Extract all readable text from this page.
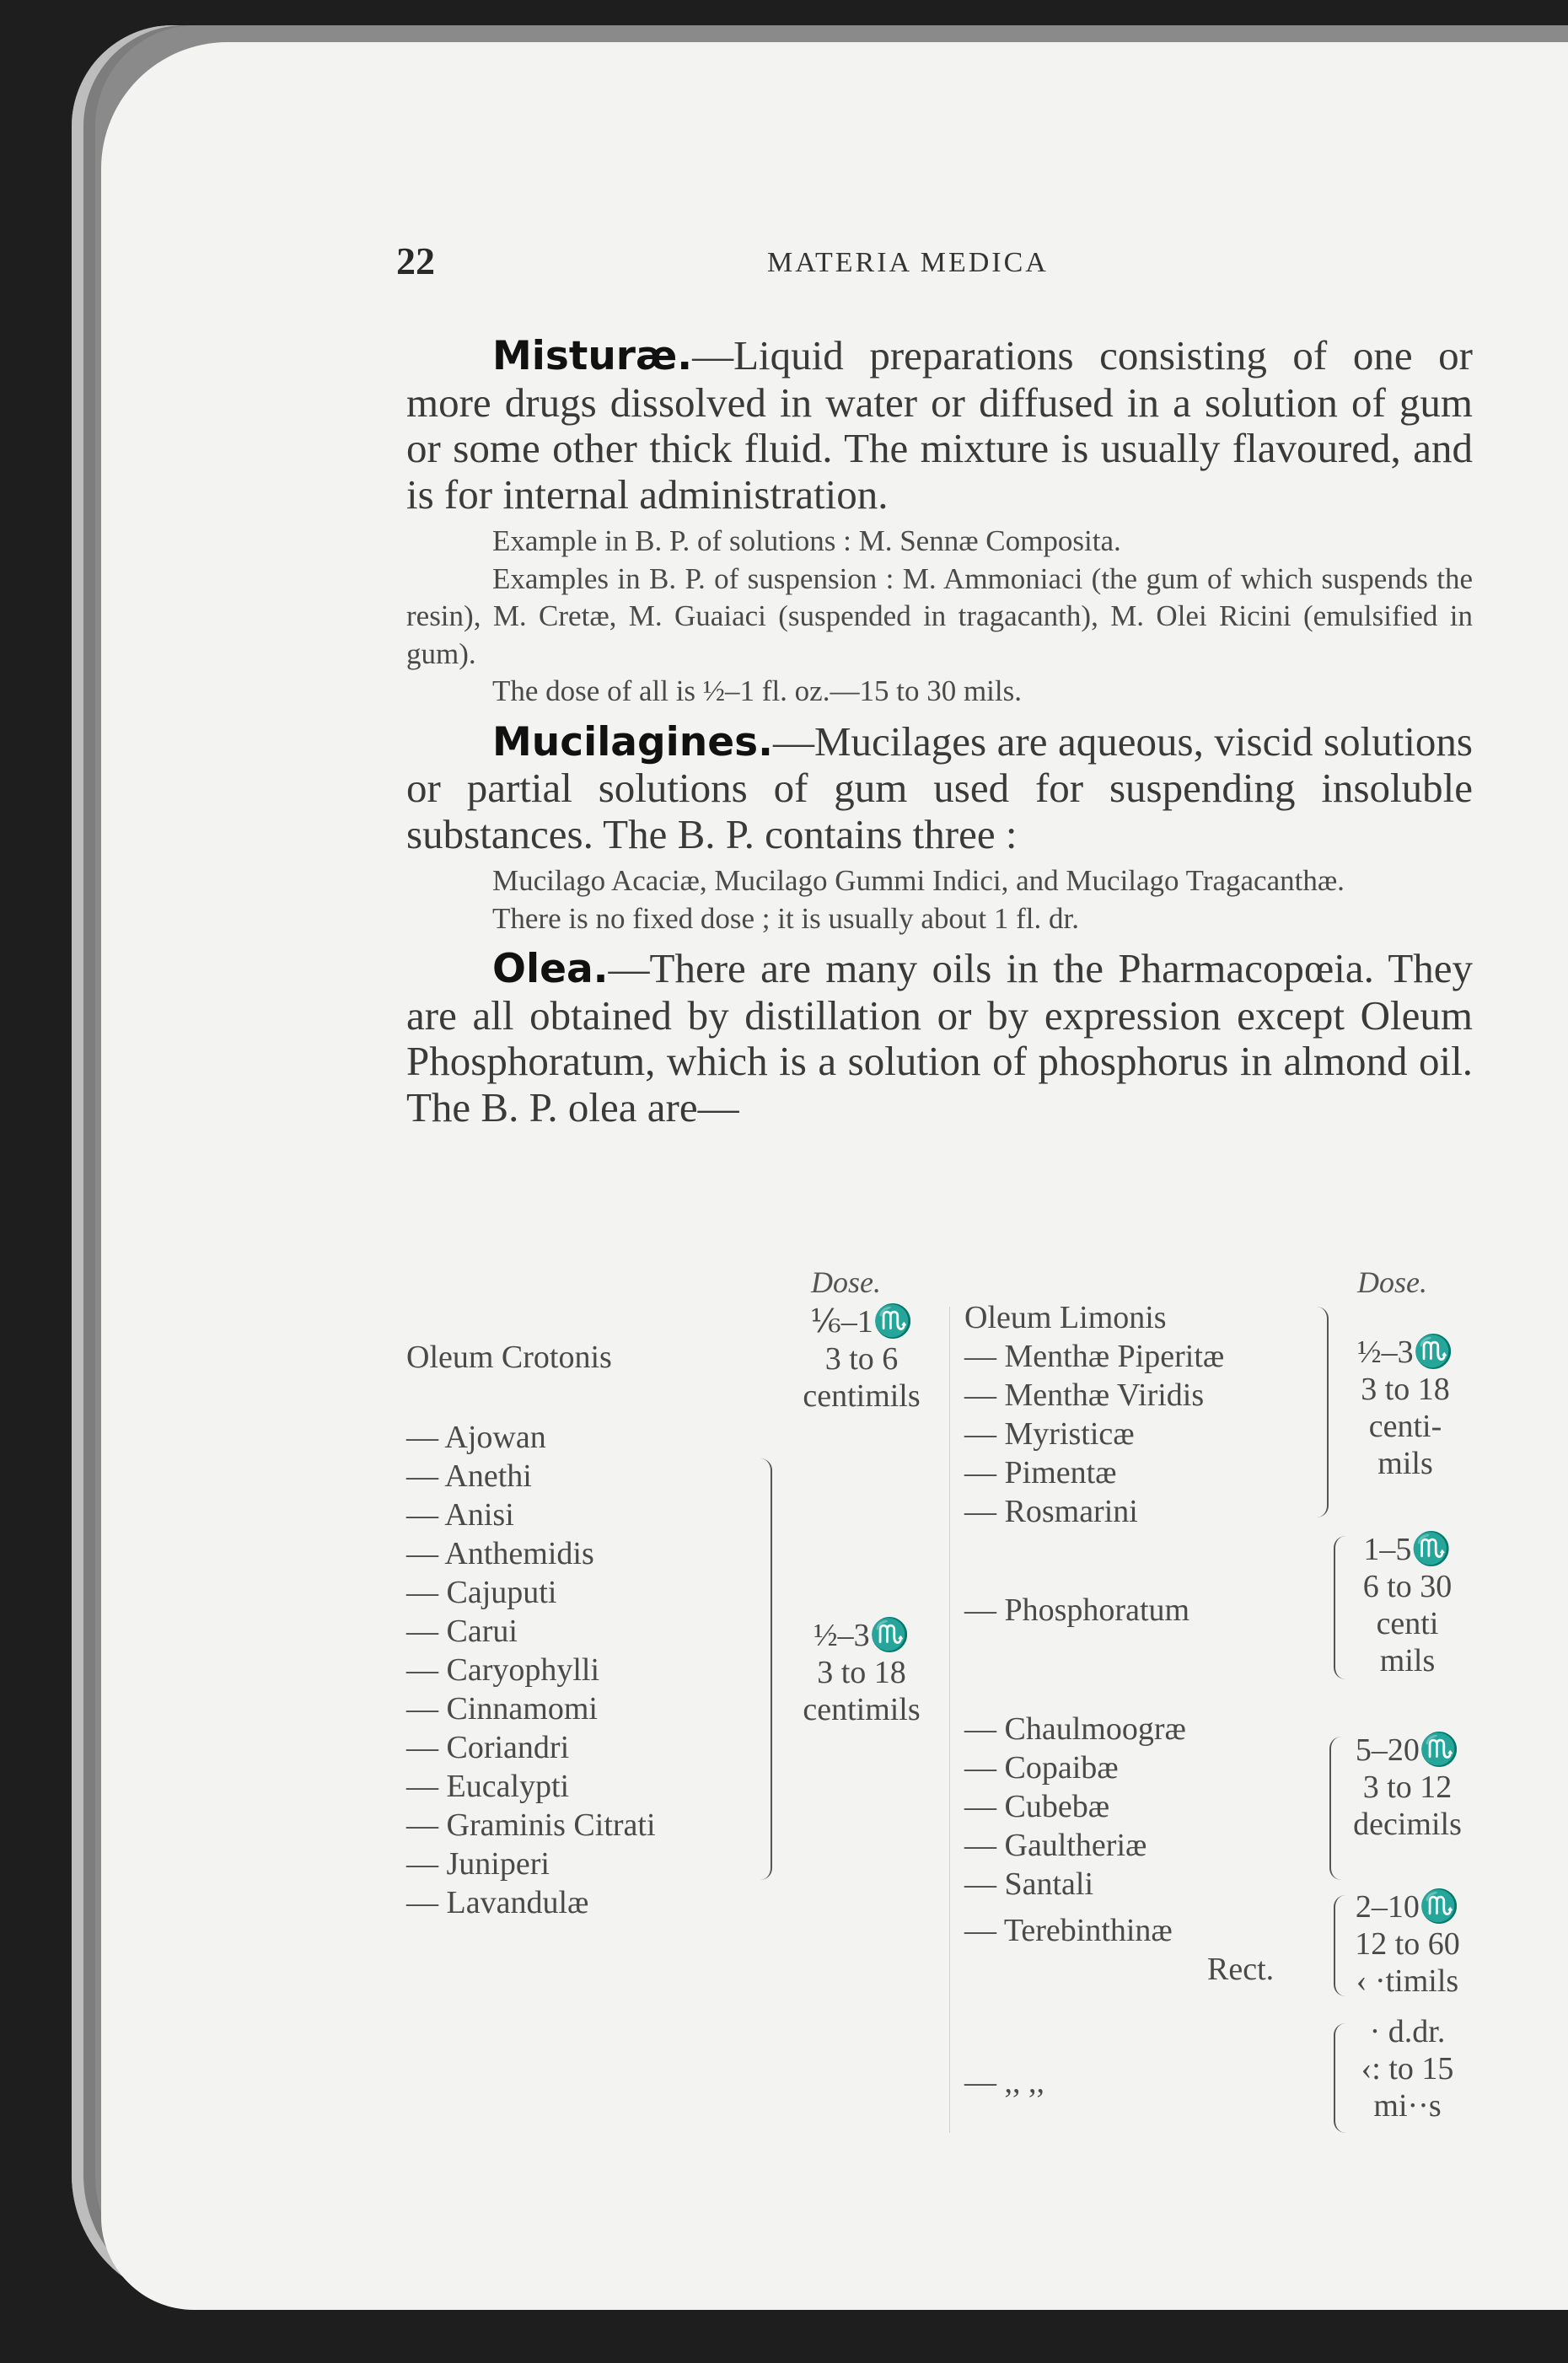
22	MATERIA MEDICA

Misturæ.—Liquid preparations consisting of one or more drugs dissolved in water or diffused in a solution of gum or some other thick fluid. The mixture is usually flavoured, and is for internal administration.

Example in B. P. of solutions : M. Sennæ Composita.

Examples in B. P. of suspension : M. Ammoniaci (the gum of which suspends the resin), M. Cretæ, M. Guaiaci (suspended in tragacanth), M. Olei Ricini (emulsified in gum).

The dose of all is ½–1 fl. oz.—15 to 30 mils.

Mucilagines.—Mucilages are aqueous, viscid solutions or partial solutions of gum used for suspending insoluble substances. The B. P. contains three :

Mucilago Acaciæ, Mucilago Gummi Indici, and Mucilago Tragacanthæ.

There is no fixed dose ; it is usually about 1 fl. dr.

Olea.—There are many oils in the Pharmacopœia. They are all obtained by distillation or by expression except Oleum Phosphoratum, which is a solution of phosphorus in almond oil. The B. P. olea are—

Dose.	Dose.
Oleum Crotonis
⅙–1♏
3 to 6
centimils
— Ajowan
— Anethi
— Anisi
— Anthemidis
— Cajuputi
— Carui
— Caryophylli
— Cinnamomi
— Coriandri
— Eucalypti
— Graminis Citrati
— Juniperi
— Lavandulæ
½–3♏
3 to 18
centimils
Oleum Limonis
— Menthæ Piperitæ
— Menthæ Viridis
— Myristicæ
— Pimentæ
— Rosmarini
½–3♏
3 to 18
centi-
mils
— Phosphoratum
1–5♏
6 to 30
centi
mils
— Chaulmoogræ
— Copaibæ
— Cubebæ
— Gaultheriæ
— Santali
5–20♏
3 to 12
decimils
— Terebinthinæ
Rect.
2–10♏
12 to 60
‹ ·timils
— ,, ,,
· d.dr.
‹: to 15
mi··s
